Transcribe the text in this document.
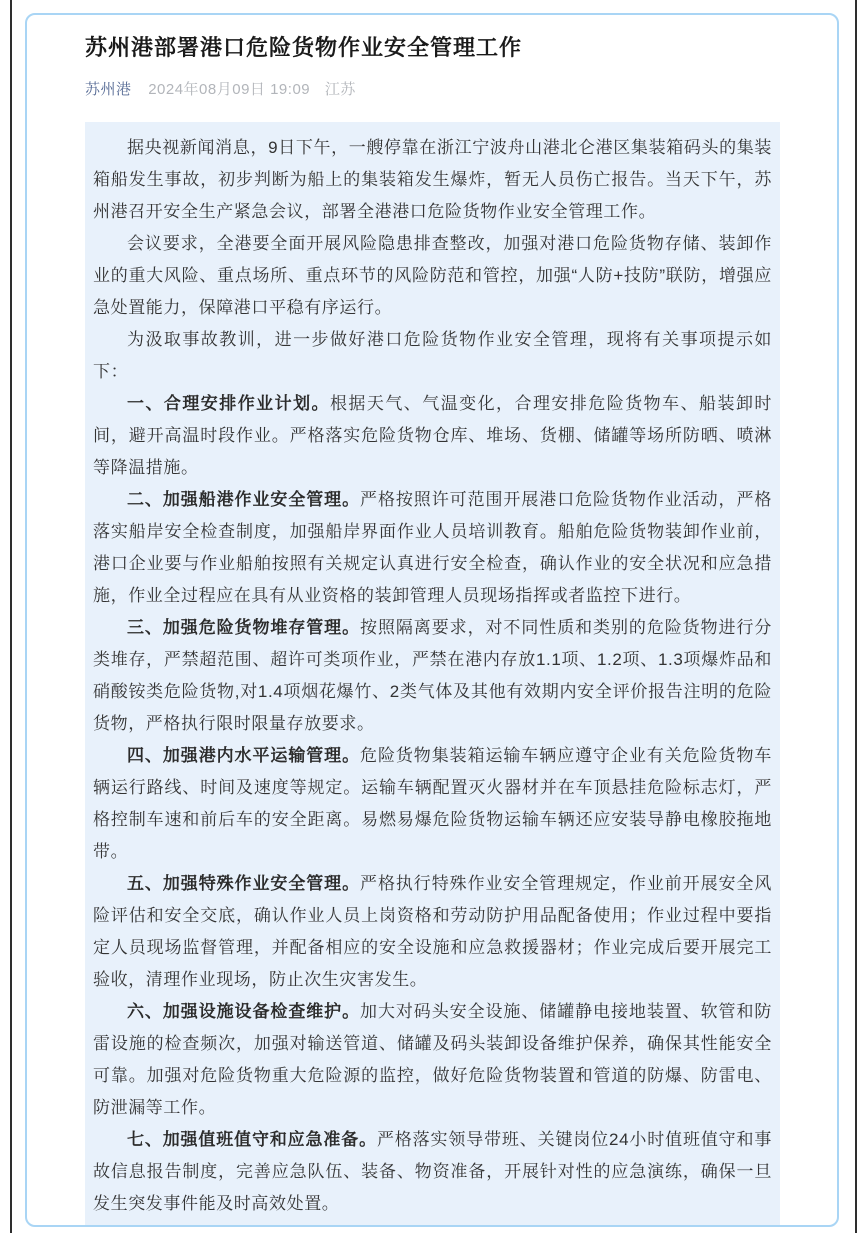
苏州港部署港口危险货物作业安全管理工作
苏州港 2024年08月09日 19:09 江苏

据央视新闻消息，9日下午，一艘停靠在浙江宁波舟山港北仑港区集装箱码头的集装箱船发生事故，初步判断为船上的集装箱发生爆炸，暂无人员伤亡报告。当天下午，苏州港召开安全生产紧急会议，部署全港港口危险货物作业安全管理工作。

会议要求，全港要全面开展风险隐患排查整改，加强对港口危险货物存储、装卸作业的重大风险、重点场所、重点环节的风险防范和管控，加强“人防+技防”联防，增强应急处置能力，保障港口平稳有序运行。

为汲取事故教训，进一步做好港口危险货物作业安全管理，现将有关事项提示如下：

一、合理安排作业计划。根据天气、气温变化，合理安排危险货物车、船装卸时间，避开高温时段作业。严格落实危险货物仓库、堆场、货棚、储罐等场所防晒、喷淋等降温措施。

二、加强船港作业安全管理。严格按照许可范围开展港口危险货物作业活动，严格落实船岸安全检查制度，加强船岸界面作业人员培训教育。船舶危险货物装卸作业前，港口企业要与作业船舶按照有关规定认真进行安全检查，确认作业的安全状况和应急措施，作业全过程应在具有从业资格的装卸管理人员现场指挥或者监控下进行。

三、加强危险货物堆存管理。按照隔离要求，对不同性质和类别的危险货物进行分类堆存，严禁超范围、超许可类项作业，严禁在港内存放1.1项、1.2项、1.3项爆炸品和硝酸铵类危险货物,对1.4项烟花爆竹、2类气体及其他有效期内安全评价报告注明的危险货物，严格执行限时限量存放要求。

四、加强港内水平运输管理。危险货物集装箱运输车辆应遵守企业有关危险货物车辆运行路线、时间及速度等规定。运输车辆配置灭火器材并在车顶悬挂危险标志灯，严格控制车速和前后车的安全距离。易燃易爆危险货物运输车辆还应安装导静电橡胶拖地带。

五、加强特殊作业安全管理。严格执行特殊作业安全管理规定，作业前开展安全风险评估和安全交底，确认作业人员上岗资格和劳动防护用品配备使用；作业过程中要指定人员现场监督管理，并配备相应的安全设施和应急救援器材；作业完成后要开展完工验收，清理作业现场，防止次生灾害发生。

六、加强设施设备检查维护。加大对码头安全设施、储罐静电接地装置、软管和防雷设施的检查频次，加强对输送管道、储罐及码头装卸设备维护保养，确保其性能安全可靠。加强对危险货物重大危险源的监控，做好危险货物装置和管道的防爆、防雷电、防泄漏等工作。

七、加强值班值守和应急准备。严格落实领导带班、关键岗位24小时值班值守和事故信息报告制度，完善应急队伍、装备、物资准备，开展针对性的应急演练，确保一旦发生突发事件能及时高效处置。
